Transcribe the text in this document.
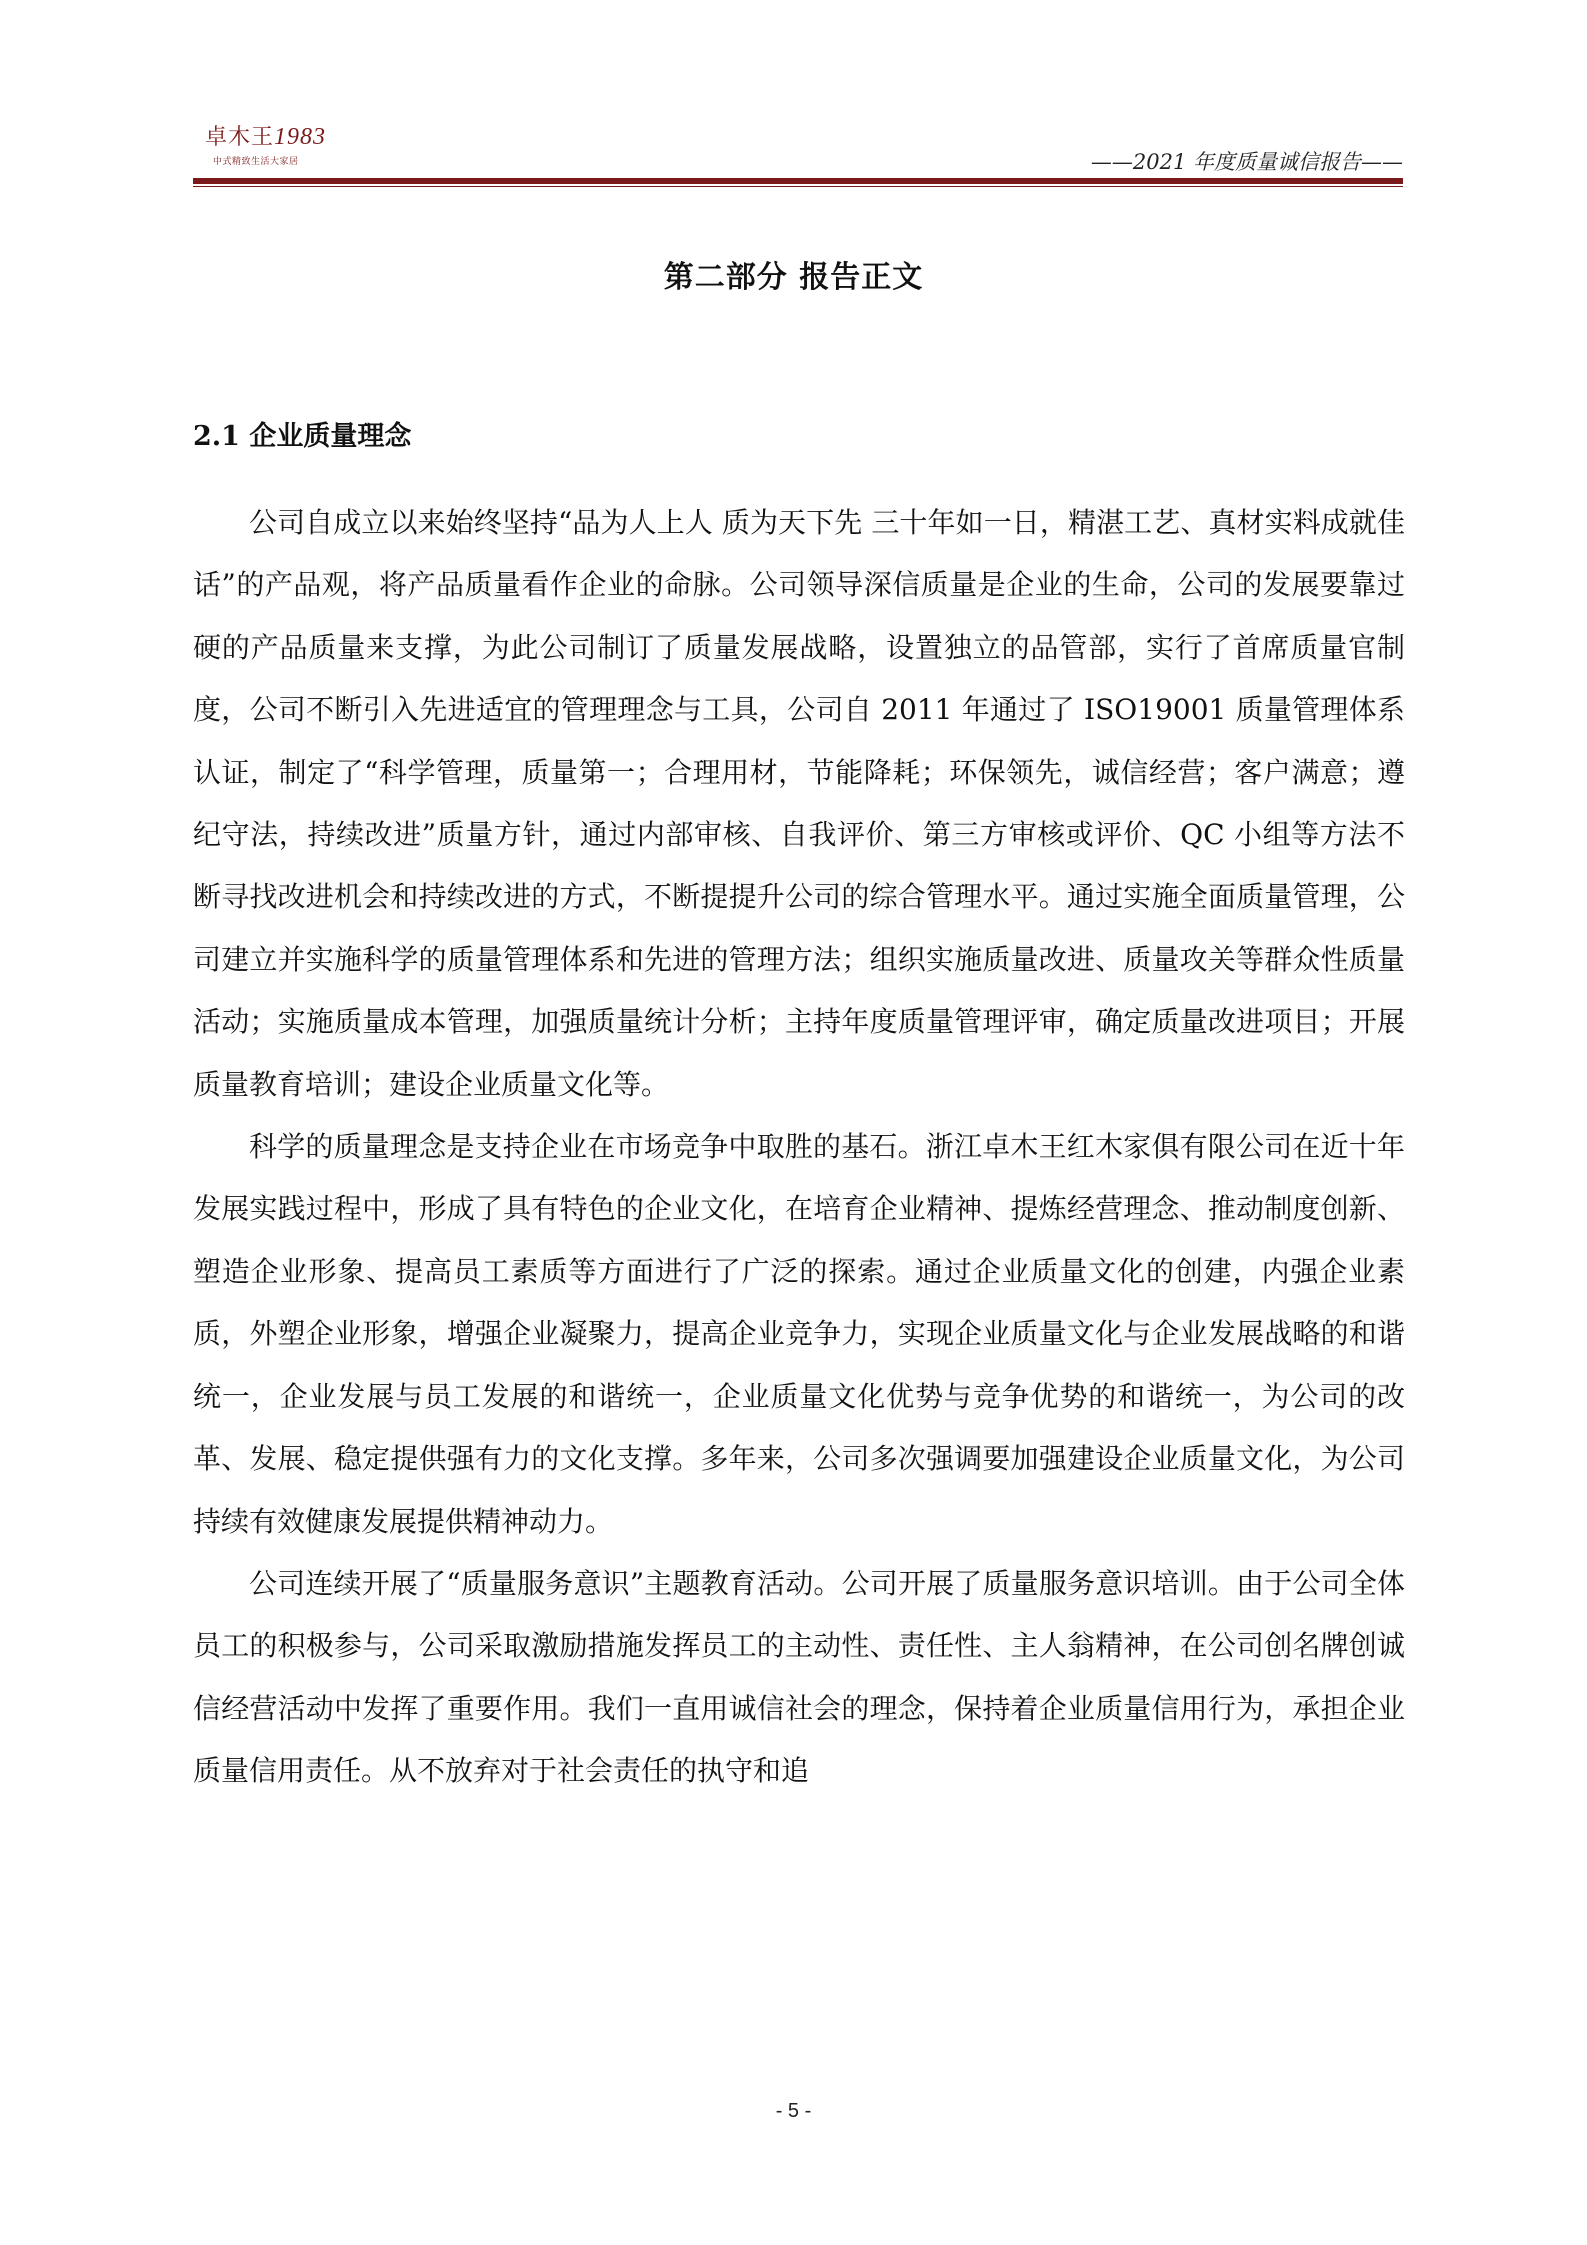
卓木王1983
中式精致生活大家居	——2021 年度质量诚信报告——
第二部分 报告正文
2.1 企业质量理念

公司自成立以来始终坚持“品为人上人 质为天下先 三十年如一日，精湛工艺、真材实料成就佳话”的产品观，将产品质量看作企业的命脉。公司领导深信质量是企业的生命，公司的发展要靠过硬的产品质量来支撑，为此公司制订了质量发展战略，设置独立的品管部，实行了首席质量官制度，公司不断引入先进适宜的管理理念与工具，公司自 2011 年通过了 ISO19001 质量管理体系认证，制定了“科学管理，质量第一；合理用材，节能降耗；环保领先，诚信经营；客户满意；遵纪守法，持续改进”质量方针，通过内部审核、自我评价、第三方审核或评价、QC 小组等方法不断寻找改进机会和持续改进的方式，不断提提升公司的综合管理水平。通过实施全面质量管理，公司建立并实施科学的质量管理体系和先进的管理方法；组织实施质量改进、质量攻关等群众性质量活动；实施质量成本管理，加强质量统计分析；主持年度质量管理评审，确定质量改进项目；开展质量教育培训；建设企业质量文化等。

科学的质量理念是支持企业在市场竞争中取胜的基石。浙江卓木王红木家俱有限公司在近十年发展实践过程中，形成了具有特色的企业文化，在培育企业精神、提炼经营理念、推动制度创新、塑造企业形象、提高员工素质等方面进行了广泛的探索。通过企业质量文化的创建，内强企业素质，外塑企业形象，增强企业凝聚力，提高企业竞争力，实现企业质量文化与企业发展战略的和谐统一，企业发展与员工发展的和谐统一，企业质量文化优势与竞争优势的和谐统一，为公司的改革、发展、稳定提供强有力的文化支撑。多年来，公司多次强调要加强建设企业质量文化，为公司持续有效健康发展提供精神动力。

公司连续开展了“质量服务意识”主题教育活动。公司开展了质量服务意识培训。由于公司全体员工的积极参与，公司采取激励措施发挥员工的主动性、责任性、主人翁精神，在公司创名牌创诚信经营活动中发挥了重要作用。我们一直用诚信社会的理念，保持着企业质量信用行为，承担企业质量信用责任。从不放弃对于社会责任的执守和追

- 5 -
